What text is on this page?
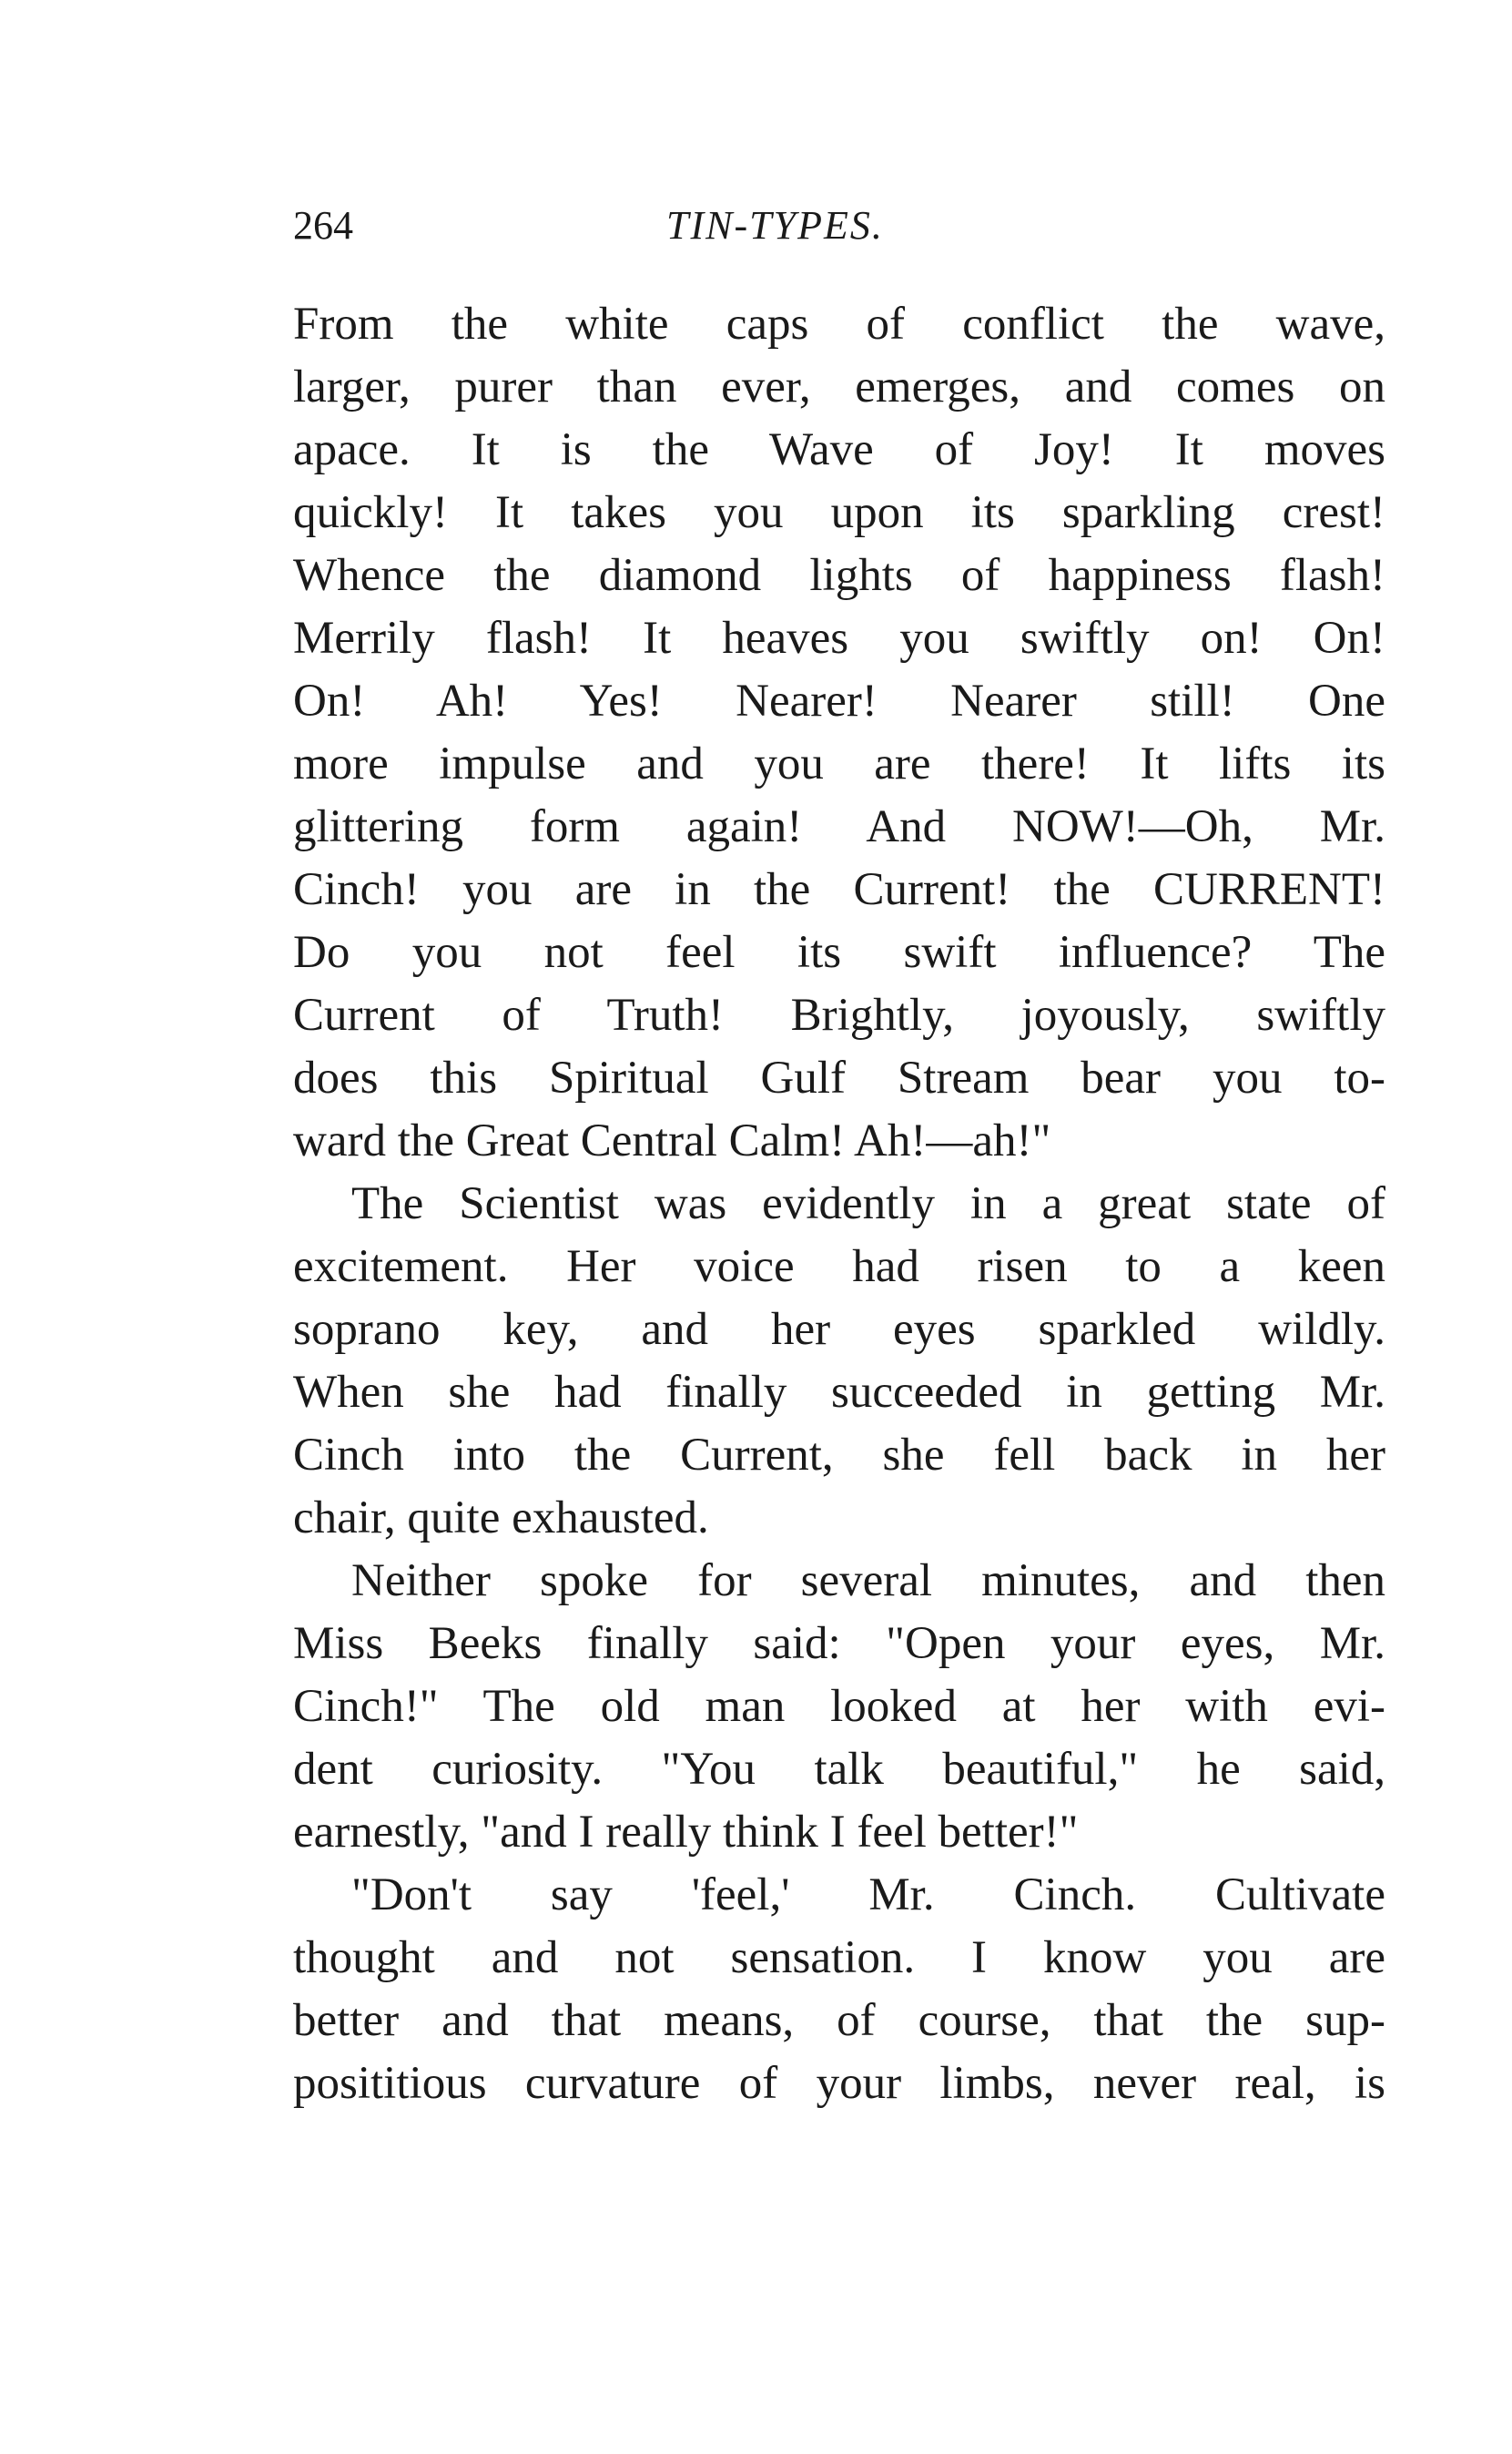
264	TIN-TYPES.
From the white caps of conflict the wave,
larger, purer than ever, emerges, and comes on
apace. It is the Wave of Joy! It moves
quickly! It takes you upon its sparkling crest!
Whence the diamond lights of happiness flash!
Merrily flash! It heaves you swiftly on! On!
On! Ah! Yes! Nearer! Nearer still! One
more impulse and you are there! It lifts its
glittering form again! And NOW!—Oh, Mr.
Cinch! you are in the Current! the CURRENT!
Do you not feel its swift influence? The
Current of Truth! Brightly, joyously, swiftly
does this Spiritual Gulf Stream bear you to-
ward the Great Central Calm! Ah!—ah!"
The Scientist was evidently in a great state of
excitement. Her voice had risen to a keen
soprano key, and her eyes sparkled wildly.
When she had finally succeeded in getting Mr.
Cinch into the Current, she fell back in her
chair, quite exhausted.
Neither spoke for several minutes, and then
Miss Beeks finally said: "Open your eyes, Mr.
Cinch!" The old man looked at her with evi-
dent curiosity. "You talk beautiful," he said,
earnestly, "and I really think I feel better!"
"Don't say 'feel,' Mr. Cinch. Cultivate
thought and not sensation. I know you are
better and that means, of course, that the sup-
posititious curvature of your limbs, never real, is
